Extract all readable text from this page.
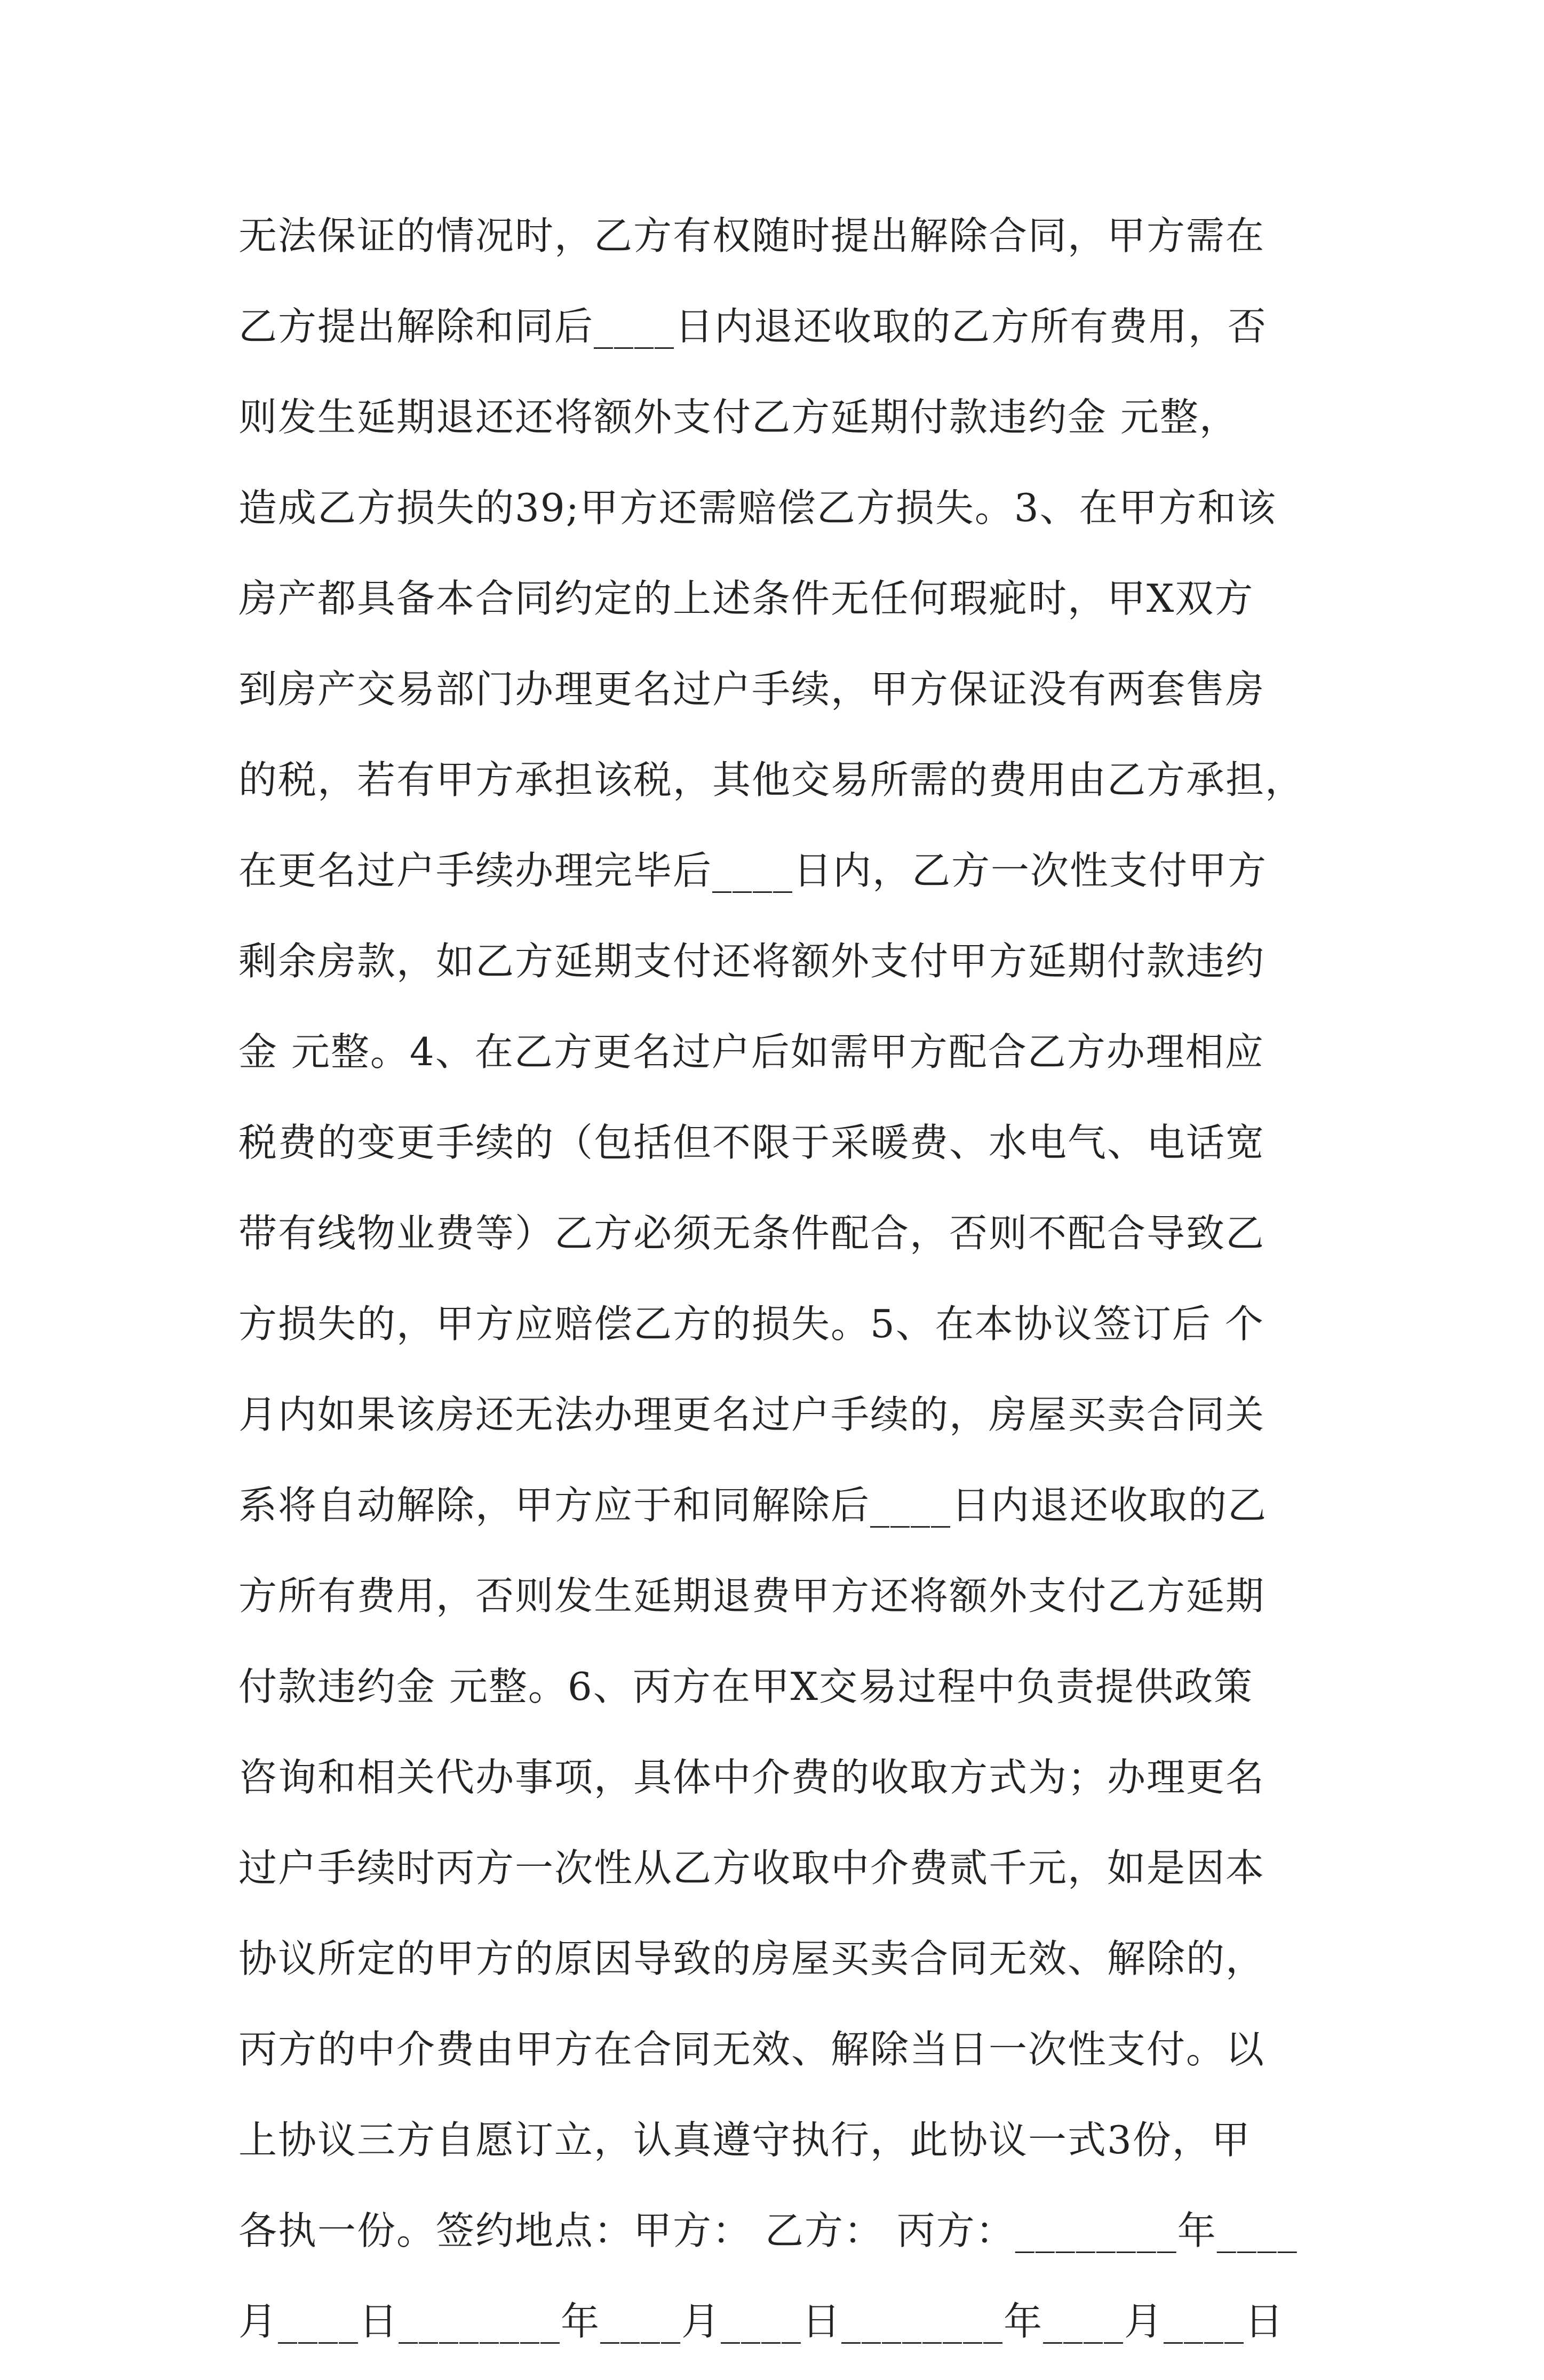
无法保证的情况时，乙方有权随时提出解除合同，甲方需在
乙方提出解除和同后____日内退还收取的乙方所有费用，否
则发生延期退还还将额外支付乙方延期付款违约金 元整，
造成乙方损失的39;甲方还需赔偿乙方损失。3、在甲方和该
房产都具备本合同约定的上述条件无任何瑕疵时，甲X双方
到房产交易部门办理更名过户手续，甲方保证没有两套售房
的税，若有甲方承担该税，其他交易所需的费用由乙方承担，
在更名过户手续办理完毕后____日内，乙方一次性支付甲方
剩余房款，如乙方延期支付还将额外支付甲方延期付款违约
金 元整。4、在乙方更名过户后如需甲方配合乙方办理相应
税费的变更手续的（包括但不限于采暖费、水电气、电话宽
带有线物业费等）乙方必须无条件配合，否则不配合导致乙
方损失的，甲方应赔偿乙方的损失。5、在本协议签订后 个
月内如果该房还无法办理更名过户手续的，房屋买卖合同关
系将自动解除，甲方应于和同解除后____日内退还收取的乙
方所有费用，否则发生延期退费甲方还将额外支付乙方延期
付款违约金 元整。6、丙方在甲X交易过程中负责提供政策
咨询和相关代办事项，具体中介费的收取方式为；办理更名
过户手续时丙方一次性从乙方收取中介费贰千元，如是因本
协议所定的甲方的原因导致的房屋买卖合同无效、解除的，
丙方的中介费由甲方在合同无效、解除当日一次性支付。以
上协议三方自愿订立，认真遵守执行，此协议一式3份，甲
各执一份。签约地点：甲方： 乙方： 丙方：________年____
月____日________年____月____日________年____月____日
